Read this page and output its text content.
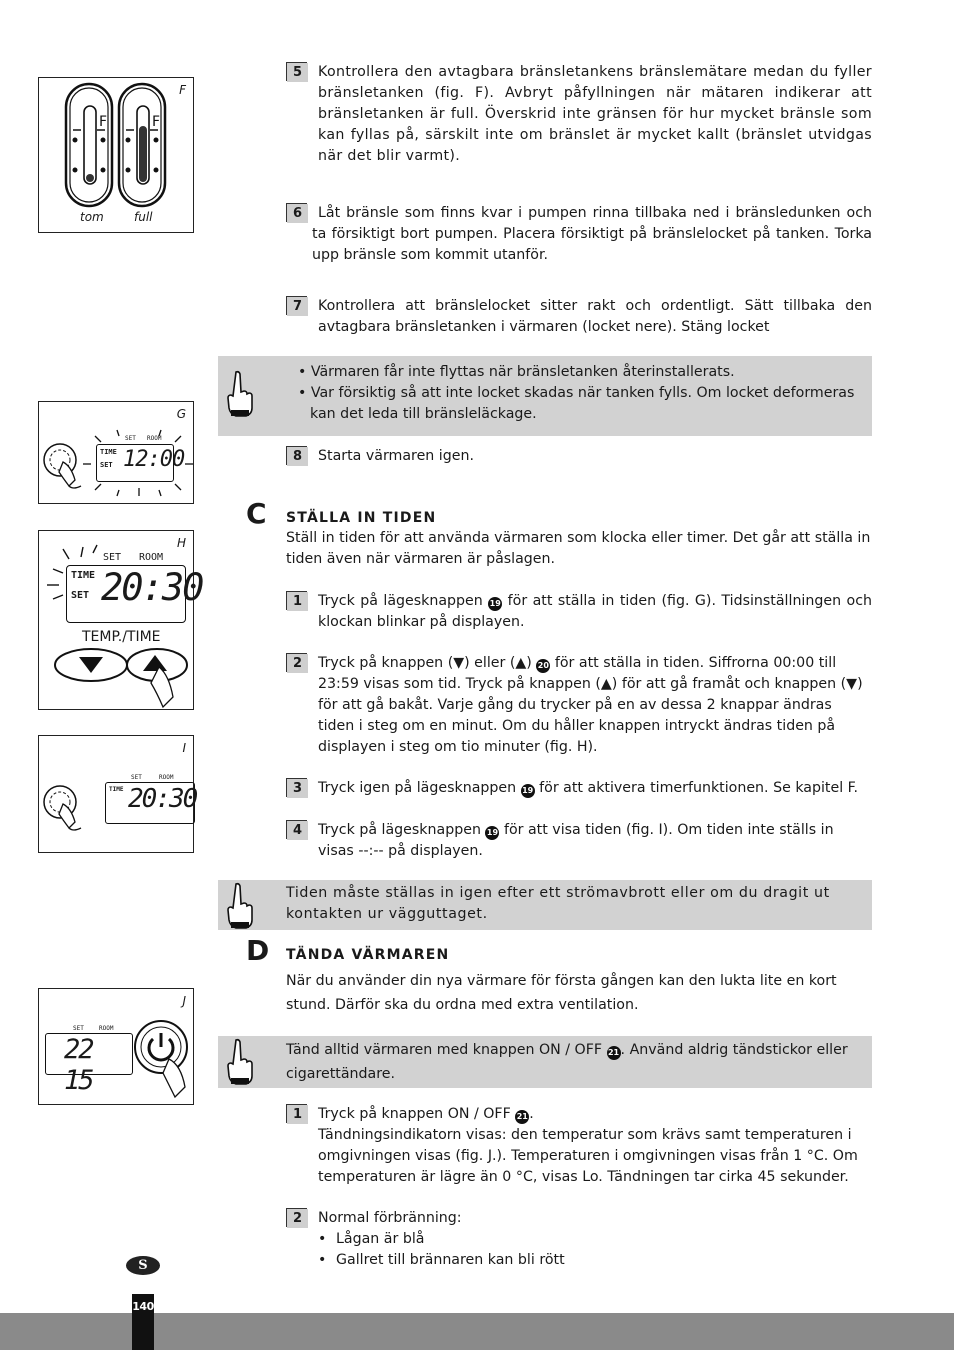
F
F	F
tom	full
G
SET ROOM
TIME
SET 12:00
H
SET ROOM
TIME
SET 20:30
TEMP./TIME
I
SET	ROOM
TIME 20:30
J
SET	ROOM
22 15
5	Kontrollera den avtagbara bränsletankens bränslemätare medan du fyller bränsletanken (fig. F). Avbryt påfyllningen när mätaren indikerar att bränsletanken är full. Överskrid inte gränsen för hur mycket bränsle som kan fyllas på, särskilt inte om bränslet är mycket kallt (bränslet utvidgas när det blir varmt).
6	Låt bränsle som finns kvar i pumpen rinna tillbaka ned i bränsledunken och ta försiktigt bort pumpen. Placera försiktigt på bränslelocket på tanken. Torka upp bränsle som kommit utanför.
7	Kontrollera att bränslelocket sitter rakt och ordentligt. Sätt tillbaka den avtagbara bränsletanken i värmaren (locket nere). Stäng locket
• Värmaren får inte flyttas när bränsletanken återinstallerats.
• Var försiktig så att inte locket skadas när tanken fylls. Om locket deformeras
kan det leda till bränsleläckage.
8	Starta värmaren igen.
C STÄLLA IN TIDEN
Ställ in tiden för att använda värmaren som klocka eller timer. Det går att ställa in tiden även när värmaren är påslagen.
1	Tryck på lägesknappen 19 för att ställa in tiden (fig. G). Tidsinställningen och klockan blinkar på displayen.
2	Tryck på knappen (▼) eller (▲) 20 för att ställa in tiden. Siffrorna 00:00 till 23:59 visas som tid. Tryck på knappen (▲) för att gå framåt och knappen (▼) för att gå bakåt. Varje gång du trycker på en av dessa 2 knappar ändras tiden i steg om en minut. Om du håller knappen intryckt ändras tiden på displayen i steg om tio minuter (fig. H).
3	Tryck igen på lägesknappen 19 för att aktivera timerfunktionen. Se kapitel F.
4	Tryck på lägesknappen 19 för att visa tiden (fig. I). Om tiden inte ställs in visas --:-- på displayen.
Tiden måste ställas in igen efter ett strömavbrott eller om du dragit ut kontakten ur vägguttaget.
D TÄNDA VÄRMAREN
När du använder din nya värmare för första gången kan den lukta lite en kort stund. Därför ska du ordna med extra ventilation.
Tänd alltid värmaren med knappen ON / OFF 21. Använd aldrig tändstickor eller cigarettändare.
1	Tryck på knappen ON / OFF 21.
Tändningsindikatorn visas: den temperatur som krävs samt temperaturen i omgivningen visas (fig. J.). Temperaturen i omgivningen visas från 1 °C. Om temperaturen är lägre än 0 °C, visas Lo. Tändningen tar cirka 45 sekunder.
2	Normal förbränning:
• Lågan är blå
• Gallret till brännaren kan bli rött
S
140
